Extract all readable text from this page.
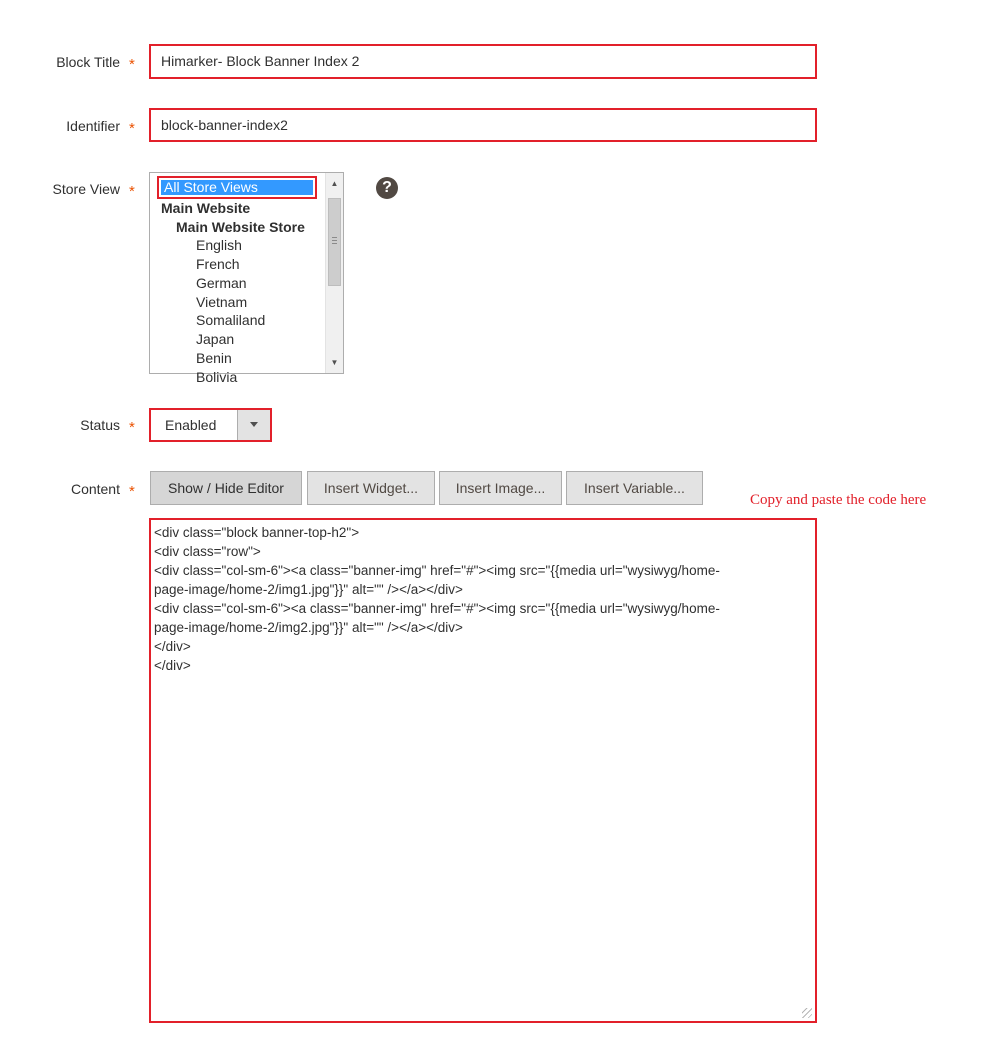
Block Title *	Himarker- Block Banner Index 2
Identifier *	block-banner-index2
Store View * All Store Views
Main Website
Main Website Store
English
French
German
Vietnam
Somaliland
Japan
Benin
Bolivia
▲
▼
?
Status * Enabled
Content *	Show / Hide Editor	Insert Widget...	Insert Image...	Insert Variable...
Copy and paste the code here
<div class="block banner-top-h2">
<div class="row">
<div class="col-sm-6"><a class="banner-img" href="#"><img src="{{media url="wysiwyg/home-
page-image/home-2/img1.jpg"}}" alt="" /></a></div>
<div class="col-sm-6"><a class="banner-img" href="#"><img src="{{media url="wysiwyg/home-
page-image/home-2/img2.jpg"}}" alt="" /></a></div>
</div>
</div>
